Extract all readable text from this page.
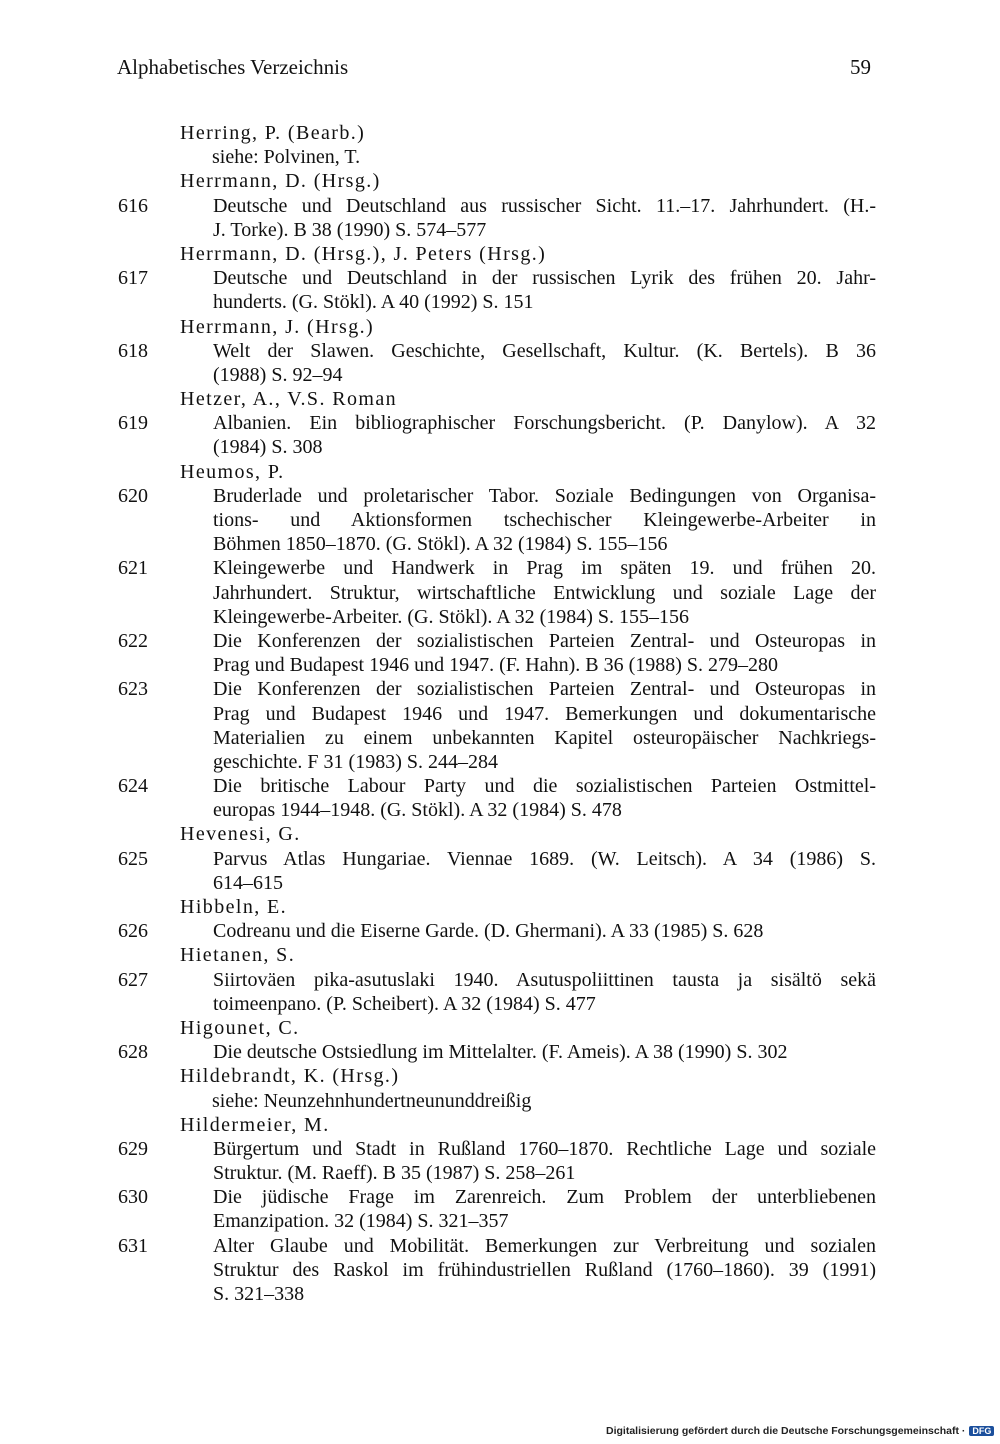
Alphabetisches Verzeichnis	59
Herring, P. (Bearb.)
siehe: Polvinen, T.
Herrmann, D. (Hrsg.)
616	Deutsche und Deutschland aus russischer Sicht. 11.–17. Jahrhundert. (H.-
J. Torke). B 38 (1990) S. 574–577
Herrmann, D. (Hrsg.), J. Peters (Hrsg.)
617	Deutsche und Deutschland in der russischen Lyrik des frühen 20. Jahr-
hunderts. (G. Stökl). A 40 (1992) S. 151
Herrmann, J. (Hrsg.)
618	Welt der Slawen. Geschichte, Gesellschaft, Kultur. (K. Bertels). B 36
(1988) S. 92–94
Hetzer, A., V.S. Roman
619	Albanien. Ein bibliographischer Forschungsbericht. (P. Danylow). A 32
(1984) S. 308
Heumos, P.
620	Bruderlade und proletarischer Tabor. Soziale Bedingungen von Organisa-
tions- und Aktionsformen tschechischer Kleingewerbe-Arbeiter in
Böhmen 1850–1870. (G. Stökl). A 32 (1984) S. 155–156
621	Kleingewerbe und Handwerk in Prag im späten 19. und frühen 20.
Jahrhundert. Struktur, wirtschaftliche Entwicklung und soziale Lage der
Kleingewerbe-Arbeiter. (G. Stökl). A 32 (1984) S. 155–156
622	Die Konferenzen der sozialistischen Parteien Zentral- und Osteuropas in
Prag und Budapest 1946 und 1947. (F. Hahn). B 36 (1988) S. 279–280
623	Die Konferenzen der sozialistischen Parteien Zentral- und Osteuropas in
Prag und Budapest 1946 und 1947. Bemerkungen und dokumentarische
Materialien zu einem unbekannten Kapitel osteuropäischer Nachkriegs-
geschichte. F 31 (1983) S. 244–284
624	Die britische Labour Party und die sozialistischen Parteien Ostmittel-
europas 1944–1948. (G. Stökl). A 32 (1984) S. 478
Hevenesi, G.
625	Parvus Atlas Hungariae. Viennae 1689. (W. Leitsch). A 34 (1986) S.
614–615
Hibbeln, E.
626	Codreanu und die Eiserne Garde. (D. Ghermani). A 33 (1985) S. 628
Hietanen, S.
627	Siirtoväen pika-asutuslaki 1940. Asutuspoliittinen tausta ja sisältö sekä
toimeenpano. (P. Scheibert). A 32 (1984) S. 477
Higounet, C.
628	Die deutsche Ostsiedlung im Mittelalter. (F. Ameis). A 38 (1990) S. 302
Hildebrandt, K. (Hrsg.)
siehe: Neunzehnhundertneununddreißig
Hildermeier, M.
629	Bürgertum und Stadt in Rußland 1760–1870. Rechtliche Lage und soziale
Struktur. (M. Raeff). B 35 (1987) S. 258–261
630	Die jüdische Frage im Zarenreich. Zum Problem der unterbliebenen
Emanzipation. 32 (1984) S. 321–357
631	Alter Glaube und Mobilität. Bemerkungen zur Verbreitung und sozialen
Struktur des Raskol im frühindustriellen Rußland (1760–1860). 39 (1991)
S. 321–338
Digitalisierung gefördert durch die Deutsche Forschungsgemeinschaft · DFG
